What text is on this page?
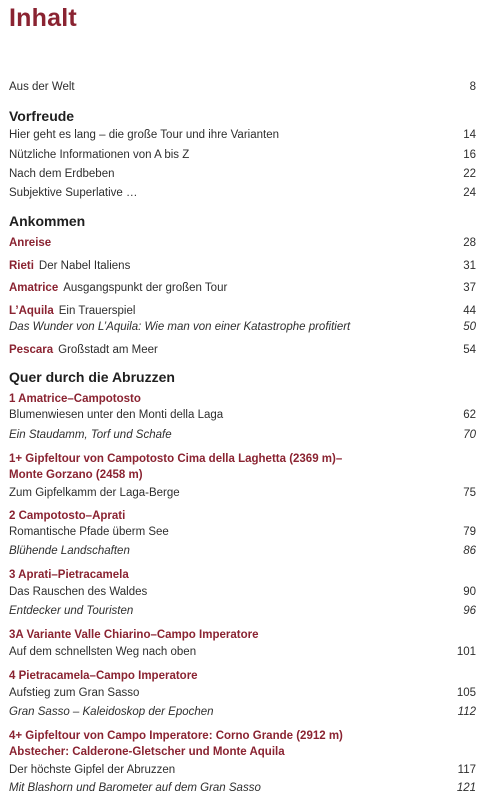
Inhalt
Aus der Welt	8
Vorfreude
Hier geht es lang – die große Tour und ihre Varianten	14
Nützliche Informationen von A bis Z	16
Nach dem Erdbeben	22
Subjektive Superlative …	24
Ankommen
Anreise	28
Rieti Der Nabel Italiens	31
Amatrice Ausgangspunkt der großen Tour	37
L’Aquila Ein Trauerspiel	44
Das Wunder von L’Aquila: Wie man von einer Katastrophe profitiert	50
Pescara Großstadt am Meer	54
Quer durch die Abruzzen
1 Amatrice–Campotosto
Blumenwiesen unter den Monti della Laga	62
Ein Staudamm, Torf und Schafe	70
1+ Gipfeltour von Campotosto Cima della Laghetta (2369 m)–
Monte Gorzano (2458 m)
Zum Gipfelkamm der Laga-Berge	75
2 Campotosto–Aprati
Romantische Pfade überm See	79
Blühende Landschaften	86
3 Aprati–Pietracamela
Das Rauschen des Waldes	90
Entdecker und Touristen	96
3A Variante Valle Chiarino–Campo Imperatore
Auf dem schnellsten Weg nach oben	101
4 Pietracamela–Campo Imperatore
Aufstieg zum Gran Sasso	105
Gran Sasso – Kaleidoskop der Epochen	112
4+ Gipfeltour von Campo Imperatore: Corno Grande (2912 m)
Abstecher: Calderone-Gletscher und Monte Aquila
Der höchste Gipfel der Abruzzen	117
Mit Blashorn und Barometer auf dem Gran Sasso	121
